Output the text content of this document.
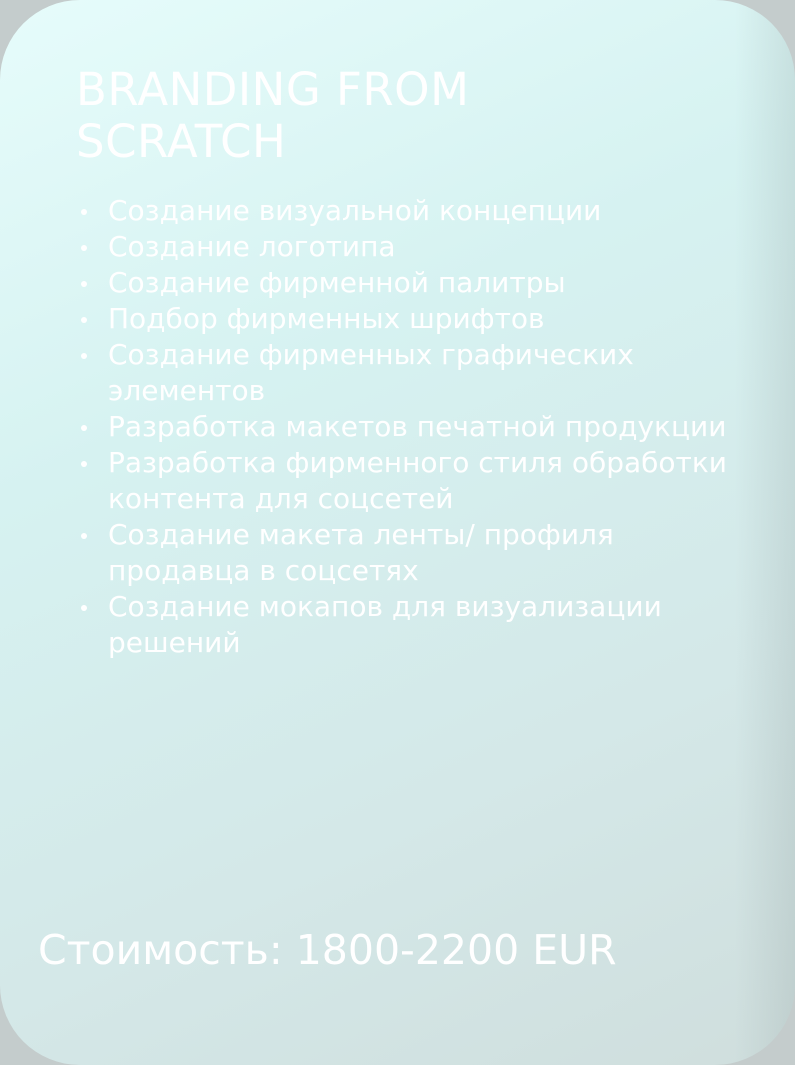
BRANDING FROM
SCRATCH
Создание визуальной концепции
Создание логотипа
Создание фирменной палитры
Подбор фирменных шрифтов
Создание фирменных графических элементов
Разработка макетов печатной продукции
Разработка фирменного стиля обработки контента для соцсетей
Создание макета ленты/ профиля продавца в соцсетях
Создание мокапов для визуализации решений

Стоимость: 1800-2200 EUR
